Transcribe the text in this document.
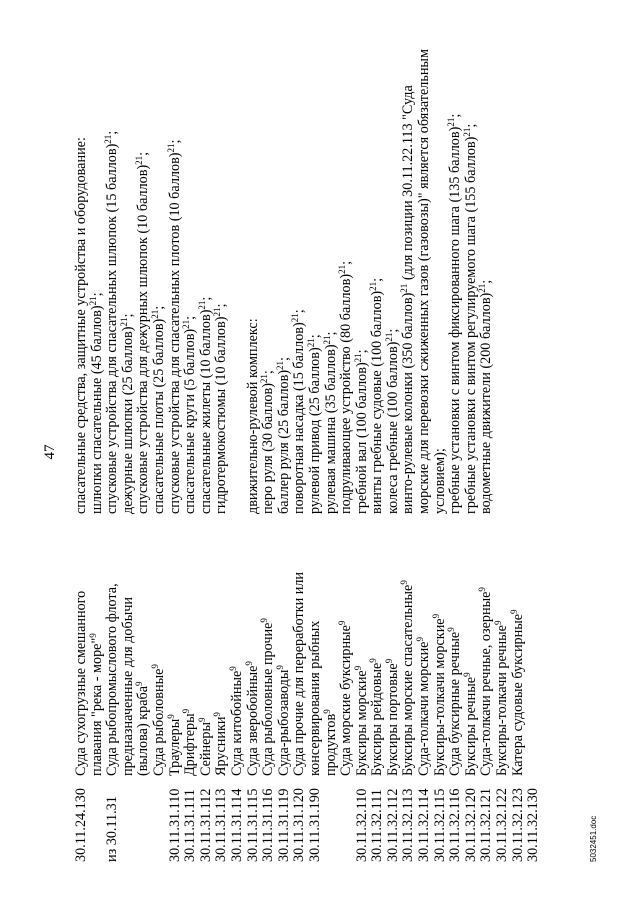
47
30.11.24.130
из 30.11.31

	30.11.31.110 30.11.31.111 30.11.31.112 30.11.31.113 30.11.31.114 30.11.31.115 30.11.31.116 30.11.31.119 30.11.31.120 30.11.31.190

30.11.32.110 30.11.32.111 30.11.32.112 30.11.32.113 30.11.32.114 30.11.32.115 30.11.32.116 30.11.32.120 30.11.32.121 30.11.32.122 30.11.32.123 30.11.32.130
Суда сухогрузные смешанного плавания "река - море"$^9$ Суда рыбопромыслового флота, предназначенные для добычи (вылова) краба$^9$ Суда рыболовные$^9$
Траулеры$^9$ Дрифтеры$^9$
Сейнеры$^9$ Ярусники$^9$ Суда китобойные$^9$ Суда зверобойные$^9$ Суда рыболовные прочие$^9$
Суда-рыбозаводы$^9$ Суда прочие для переработки или консервирования рыбных продуктов$^9$ Суда морские буксирные$^9$
Буксиры морские$^9$ Буксиры рейдовые$^9$
Буксиры портовые$^9$ Буксиры морские спасательные$^9$
Суда-толкачи морские$^9$ Буксиры-толкачи морские$^9$
Суда буксирные речные$^9$
Буксиры речные$^9$ Суда-толкачи речные, озерные$^9$
Буксиры-толкачи речные$^9$ Катера судовые буксирные$^9$
спасательные средства, защитные устройства и оборудование: шлюпки спасательные (45 баллов)$^{21}$; спусковые устройства для спасательных шлюпок (15 баллов)$^{21}$;
дежурные шлюпки (25 баллов)$^{21}$; спусковые устройства для дежурных шлюпок (10 баллов)$^{21}$;
спасательные плоты (25 баллов)$^{21}$; спусковые устройства для спасательных плотов (10 баллов)$^{21}$;
спасательные круги (5 баллов)$^{21}$; спасательные жилеты (10 баллов)$^{21}$;
гидротермокостюмы (10 баллов)$^{21}$;
движительно-рулевой комплекс: перо руля (30 баллов)$^{21}$; баллер руля (25 баллов)$^{21}$; поворотная насадка (15 баллов)$^{21}$;
рулевой привод (25 баллов)$^{21}$;
рулевая машина (35 баллов)$^{21}$; подруливающее устройство (80 баллов)$^{21}$;
гребной вал (100 баллов)$^{21}$; винты гребные судовые (100 баллов)$^{21}$;
колеса гребные (100 баллов)$^{21}$; винто-рулевые колонки (350 баллов)$^{21}$ (для позиции 30.11.22.113 "Суда морские для перевозки сжиженных газов (газовозы)" является обязательным условием); гребные установки с винтом фиксированного шага (135 баллов)$^{21}$;
гребные установки с винтом регулируемого шага (155 баллов)$^{21}$;
водометные движители (200 баллов)$^{21}$;
5032451.doc
